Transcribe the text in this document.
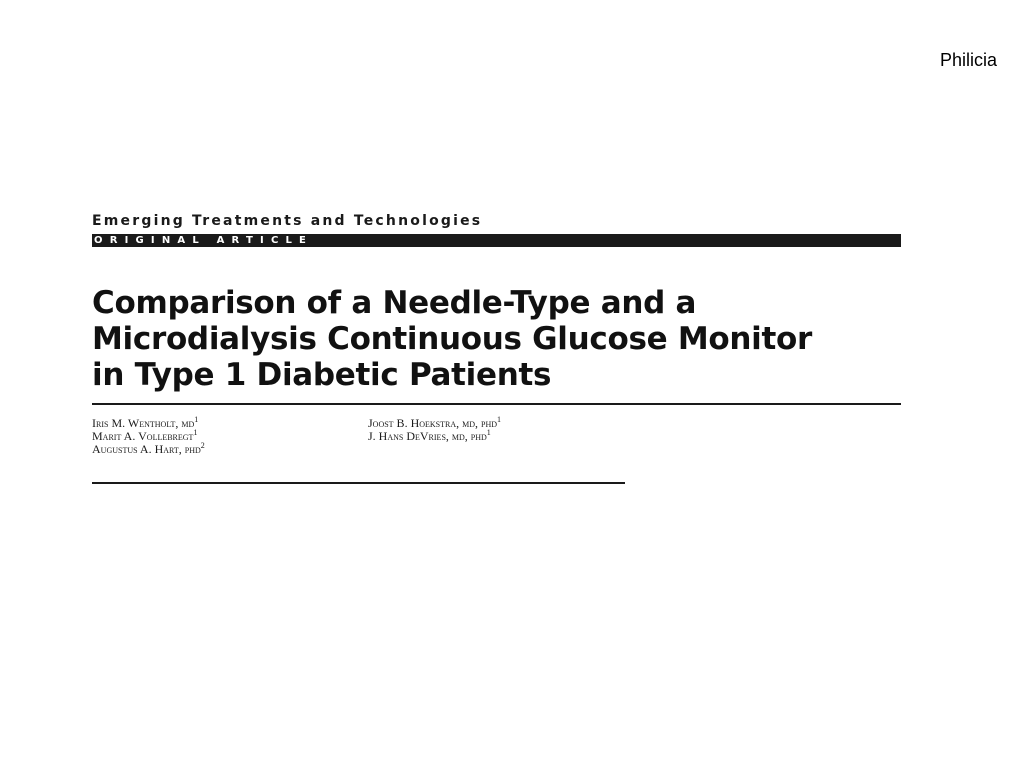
Philicia
Emerging Treatments and Technologies
ORIGINAL ARTICLE
Comparison of a Needle-Type and a
Microdialysis Continuous Glucose Monitor
in Type 1 Diabetic Patients
Iris M. Wentholt, $md^1$
Marit A. Vollebregt$^1$
Augustus A. Hart, phd$^2$
Joost B. Hoekstra, md, phd$^1$
J. Hans DeVries, md, phd$^1$
